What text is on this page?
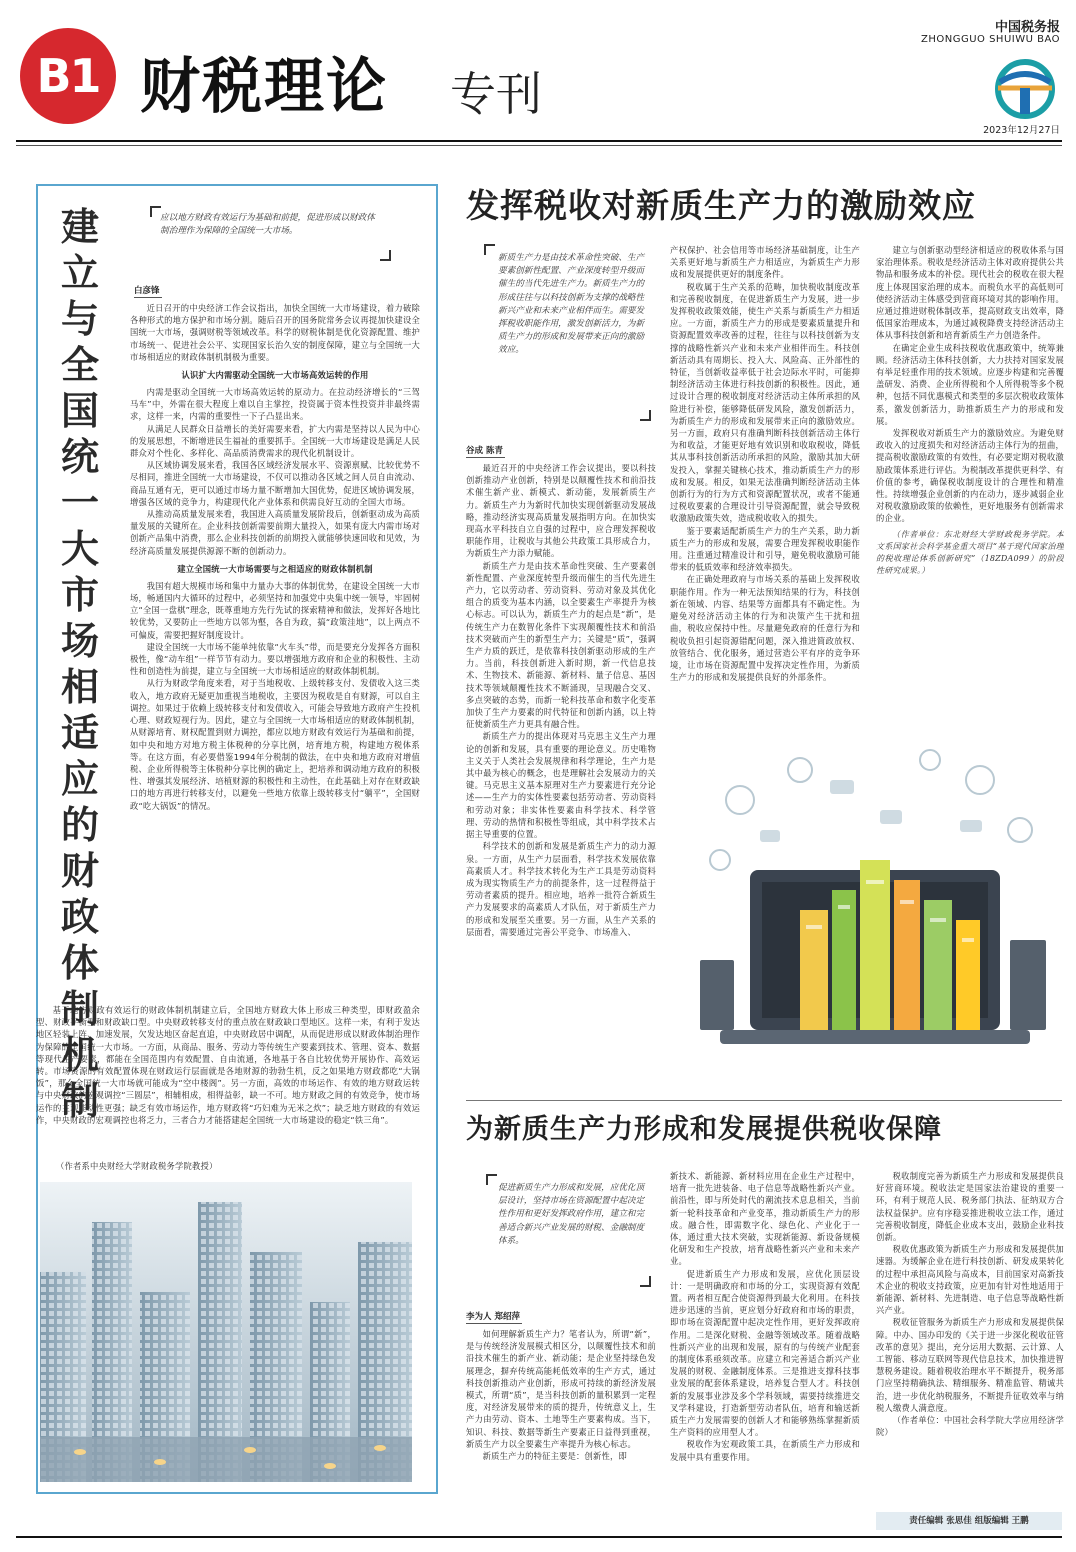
B1 财税理论 专刊
中国税务报
ZHONGGUO SHUIWU BAO
2023年12月27日
建立与全国统一大市场相适应的财政体制机制
应以地方财政有效运行为基础和前提，促进形成以财政体制治理作为保障的全国统一大市场。
白彦锋

近日召开的中央经济工作会议指出，加快全国统一大市场建设，着力破除各种形式的地方保护和市场分割。随后召开的国务院常务会议再提加快建设全国统一大市场，强调财税等领域改革。科学的财税体制是优化资源配置、维护市场统一、促进社会公平、实现国家长治久安的制度保障，建立与全国统一大市场相适应的财政体制机制极为重要。

认识扩大内需驱动全国统一大市场高效运转的作用

内需是驱动全国统一大市场高效运转的原动力。在拉动经济增长的“三驾马车”中，外需在很大程度上难以自主掌控，投资属于资本性投资并非最终需求，这样一来，内需的重要性一下子凸显出来。

从满足人民群众日益增长的美好需要来看，扩大内需是坚持以人民为中心的发展思想，不断增进民生福祉的重要抓手。全国统一大市场建设是满足人民群众对个性化、多样化、高品质消费需求的现代化机制设计。

从区域协调发展来看，我国各区域经济发展水平、资源禀赋、比较优势不尽相同，推进全国统一大市场建设，不仅可以推动各区域之间人员自由流动、商品互通有无，更可以通过市场力量不断增加大国优势，促进区域协调发展，增强各区域的竞争力，构建现代化产业体系和供需良好互动的全国大市场。

从推动高质量发展来看，我国进入高质量发展阶段后，创新驱动成为高质量发展的关键所在。企业科技创新需要前期大量投入，如果有庞大内需市场对创新产品集中消费，那么企业科技创新的前期投入就能够快速回收和见效，为经济高质量发展提供源源不断的创新动力。

建立全国统一大市场需要与之相适应的财政体制机制

我国有超大规模市场和集中力量办大事的体制优势，在建设全国统一大市场，畅通国内大循环的过程中，必须坚持和加强党中央集中统一领导，牢固树立“全国一盘棋”理念，既尊重地方先行先试的探索精神和做法，发挥好各地比较优势，又要防止一些地方以邻为壑，各自为政，搞“政策洼地”，以上两点不可偏废，需要把握好制度设计。

建设全国统一大市场不能单纯依靠“火车头”带，而是要充分发挥各方面积极性，像“动车组”一样节节有动力。要以增强地方政府和企业的积极性、主动性和创造性为前提，建立与全国统一大市场相适应的财政体制机制。

从行为财政学角度来看，对于当地税收、上级转移支付、发债收入这三类收入，地方政府无疑更加重视当地税收，主要因为税收是自有财源，可以自主调控。如果过于依赖上级转移支付和发债收入，可能会导致地方政府产生投机心理、财政短视行为。因此，建立与全国统一大市场相适应的财政体制机制，从财源培育、财权配置到财力调控，都应以地方财政有效运行为基础和前提，如中央和地方对地方税主体税种的分享比例，培育地方税，构建地方税体系等。在这方面，有必要借鉴1994年分税制的做法，在中央和地方政府对增值税、企业所得税等主体税种分享比例的确定上，把培养和调动地方政府的积极性、增强其发展经济、培植财源的积极性和主动性，在此基础上对存在财政缺口的地方再进行转移支付，以避免一些地方依靠上级转移支付“躺平”，全国财政“吃大锅饭”的情况。

基于地方财政有效运行的财政体制机制建立后，全国地方财政大体上形成三种类型，即财政盈余型、财政平衡型和财政缺口型。中央财政转移支付的重点放在财政缺口型地区。这样一来，有利于发达地区轻装上阵、加速发展，欠发达地区奋起直追，中央财政居中调配，从而促进形成以财政体制治理作为保障的全国统一大市场。一方面，从商品、服务、劳动力等传统生产要素到技术、管理、资本、数据等现代生产要素，都能在全国范围内有效配置、自由流通，各地基于各自比较优势开展协作、高效运转。市场资源的有效配置体现在财政运行层面就是各地财源的勃勃生机，反之如果地方财政都吃“大锅饭”，那么全国统一大市场就可能成为“空中楼阁”。另一方面，高效的市场运作、有效的地方财政运转与中央财政的宏观调控“三圆层”，相辅相成，相得益彰，缺一不可。地方财政之间的有效竞争，使市场运作的主观能动性更强；缺乏有效市场运作，地方财政将“巧妇难为无米之炊”；缺乏地方财政的有效运作，中央财政的宏观调控也将乏力，三者合力才能搭建起全国统一大市场建设的稳定“铁三角”。

（作者系中央财经大学财政税务学院教授）
发挥税收对新质生产力的激励效应
新质生产力是由技术革命性突破、生产要素创新性配置、产业深度转型升级而催生的当代先进生产力。新质生产力的形成往往与以科技创新为支撑的战略性新兴产业和未来产业相伴而生。需要发挥税收职能作用，激发创新活力，为新质生产力的形成和发展带来正向的激励效应。
谷成 陈青

最近召开的中央经济工作会议提出，要以科技创新推动产业创新，特别是以颠覆性技术和前沿技术催生新产业、新模式、新动能，发展新质生产力。新质生产力为新时代加快实现创新驱动发展战略，推动经济实现高质量发展指明方向。在加快实现高水平科技自立自强的过程中，应合理发挥税收职能作用，让税收与其他公共政策工具形成合力，为新质生产力添力赋能。

新质生产力是由技术革命性突破、生产要素创新性配置、产业深度转型升级而催生的当代先进生产力，它以劳动者、劳动资料、劳动对象及其优化组合的质变为基本内涵，以全要素生产率提升为核心标志。可以认为，新质生产力的起点是“新”，是传统生产力在数智化条件下实现颠覆性技术和前沿技术突破而产生的新型生产力；关键是“质”，强调生产力质的跃迁，是依靠科技创新驱动形成的生产力。当前，科技创新进入新时期，新一代信息技术、生物技术、新能源、新材料、量子信息、基因技术等领域颠覆性技术不断涌现，呈现融合交叉、多点突破的态势，而新一轮科技革命和数字化变革加快了生产力要素的时代特征和创新内涵，以上特征使新质生产力更具有融合性。

新质生产力的提出体现对马克思主义生产力理论的创新和发展，具有重要的理论意义。历史唯物主义关于人类社会发展规律和科学理论，生产力是其中最为核心的概念，也是理解社会发展动力的关键。马克思主义基本原理对生产力要素进行充分论述——生产力的实体性要素包括劳动者、劳动资料和劳动对象；非实体性要素由科学技术、科学管理、劳动的热情和积极性等组成，其中科学技术占据主导重要的位置。

科学技术的创新和发展是新质生产力的动力源泉。一方面，从生产力层面看，科学技术发展依靠高素质人才。科学技术转化为生产工具是劳动资料成为现实物质生产力的前提条件，这一过程得益于劳动者素质的提升。相应地，培养一批符合新质生产力发展要求的高素质人才队伍，对于新质生产力的形成和发展至关重要。另一方面，从生产关系的层面看，需要通过完善公平竞争、市场准入、

产权保护、社会信用等市场经济基础制度，让生产关系更好地与新质生产力相适应，为新质生产力形成和发展提供更好的制度条件。

税收属于生产关系的范畴，加快税收制度改革和完善税收制度，在促进新质生产力发展，进一步发挥税收政策效能，使生产关系与新质生产力相适应。一方面，新质生产力的形成是要素质量提升和资源配置效率改善的过程，往往与以科技创新为支撑的战略性新兴产业和未来产业相伴而生。科技创新活动具有周期长、投入大、风险高、正外部性的特征，当创新收益率低于社会边际水平时，可能抑制经济活动主体进行科技创新的积极性。因此，通过设计合理的税收制度对经济活动主体所承担的风险进行补偿，能够降低研发风险，激发创新活力，为新质生产力的形成和发展带来正向的激励效应。另一方面，政府只有准确判断科技创新活动主体行为和收益，才能更好地有效识别和收取税收，降低其从事科技创新活动所承担的风险，激励其加大研发投入，掌握关键核心技术，推动新质生产力的形成和发展。相反，如果无法准确判断经济活动主体创新行为的行为方式和资源配置状况，或者不能通过税收要素的合理设计引导资源配置，就会导致税收激励政策失效，造成税收收入的损失。

鉴于要素适配新质生产力的生产关系，助力新质生产力的形成和发展，需要合理发挥税收职能作用。注重通过精准设计和引导，避免税收激励可能带来的低质效率和经济效率损失。

在正确处理政府与市场关系的基础上发挥税收职能作用。作为一种无法预知结果的行为，科技创新在领域、内容、结果等方面都具有不确定性。为避免对经济活动主体的行为和决策产生干扰和扭曲，税收应保持中性。尽量避免政府的任意行为和税收负担引起资源错配问题，深入推进简政放权、放管结合、优化服务，通过营造公平有序的竞争环境，让市场在资源配置中发挥决定性作用，为新质生产力的形成和发展提供良好的外部条件。

建立与创新驱动型经济相适应的税收体系与国家治理体系。税收是经济活动主体对政府提供公共物品和服务成本的补偿。现代社会的税收在很大程度上体现国家治理的成本。而税负水平的高低则可使经济活动主体感受到营商环境对其的影响作用。应通过推进财税体制改革，提高财政支出效率，降低国家治理成本，为通过减税降费支持经济活动主体从事科技创新和培育新质生产力创造条件。

在确定企业生成科技税收优惠政策中，统筹兼顾。经济活动主体科技创新，大力扶持对国家发展有举足轻重作用的技术领域。应逐步构建和完善覆盖研发、消费、企业所得税和个人所得税等多个税种，包括不同优惠模式和类型的多层次税收政策体系，激发创新活力，助推新质生产力的形成和发展。

发挥税收对新质生产力的激励效应。为避免财政收入的过度损失和对经济活动主体行为的扭曲，提高税收激励政策的有效性，有必要定期对税收激励政策体系进行评估。为税制改革提供更科学、有价值的参考，确保税收制度设计的合理性和精准性。持续增强企业创新的内在动力，逐步减弱企业对税收激励政策的依赖性，更好地服务有创新需求的企业。

（作者单位：东北财经大学财政税务学院。本文系国家社会科学基金重大项目“基于现代国家治理的税收理论体系创新研究”（18ZDA099）的阶段性研究成果。）

为新质生产力形成和发展提供税收保障
促进新质生产力形成和发展，应优化顶层设计，坚持市场在资源配置中起决定性作用和更好发挥政府作用，建立和完善适合新兴产业发展的财税、金融制度体系。
李为人 郑绍萍

如何理解新质生产力？笔者认为，所谓“新”，是与传统经济发展模式相区分，以颠覆性技术和前沿技术催生的新产业、新动能；是企业坚持绿色发展理念，摒弃传统高能耗低效率的生产方式，通过科技创新推动产业创新，形成可持续的新经济发展模式，所谓“质”，是当科技创新的量积累到一定程度，对经济发展带来的质的提升，传统意义上，生产力由劳动、资本、土地等生产要素构成。当下，知识、科技、数据等新生产要素正日益得到重视，新质生产力以全要素生产率提升为核心标志。

新质生产力的特征主要是：创新性，即

新技术、新能源、新材料应用在企业生产过程中，培育一批先进装备、电子信息等战略性新兴产业。前沿性，即与所处时代的潮流技术息息相关，当前新一轮科技革命和产业变革，推动新质生产力的形成。融合性，即需数字化、绿色化、产业化于一体，通过重大技术突破，实现新能源、新设备规模化研发和生产投放，培育战略性新兴产业和未来产业。

促进新质生产力形成和发展，应优化顶层设计：一是明确政府和市场的分工，实现资源有效配置。两者相互配合使资源得到最大化利用。在科技进步迅速的当前，更应划分好政府和市场的职责，即市场在资源配置中起决定性作用，更好发挥政府作用。二是深化财税、金融等领域改革。随着战略性新兴产业的出现和发展，原有的与传统产业配套的制度体系亟须改革。应建立和完善适合新兴产业发展的财税、金融制度体系。三是推进支撑科技事业发展的配套体系建设，培养复合型人才。科技创新的发展事业涉及多个学科领域，需要持续推进交叉学科建设，打造新型劳动者队伍，培育和输送新质生产力发展需要的创新人才和能够熟练掌握新质生产资料的应用型人才。

税收作为宏观政策工具，在新质生产力形成和发展中具有重要作用。

税收制度完善为新质生产力形成和发展提供良好营商环境。税收法定是国家法治建设的重要一环，有利于规范人民、税务部门执法、征纳双方合法权益保护。应有序稳妥推进税收立法工作，通过完善税收制度，降低企业成本支出，鼓励企业科技创新。

税收优惠政策为新质生产力形成和发展提供加速器。为缓解企业在进行科技创新、研发成果转化的过程中承担高风险与高成本，目前国家对高新技术企业的税收支持政策，应更加有针对性地适用于新能源、新材料、先进制造、电子信息等战略性新兴产业。

税收征管服务为新质生产力形成和发展提供保障。中办、国办印发的《关于进一步深化税收征管改革的意见》提出，充分运用大数据、云计算、人工智能、移动互联网等现代信息技术，加快推进智慧税务建设。随着税收治理水平不断提升，税务部门应坚持精确执法、精细服务、精准监管、精诚共治，进一步优化纳税服务，不断提升征收效率与纳税人缴费人满意度。

（作者单位：中国社会科学院大学应用经济学院）

责任编辑 张思佳 组版编辑 王鹏
